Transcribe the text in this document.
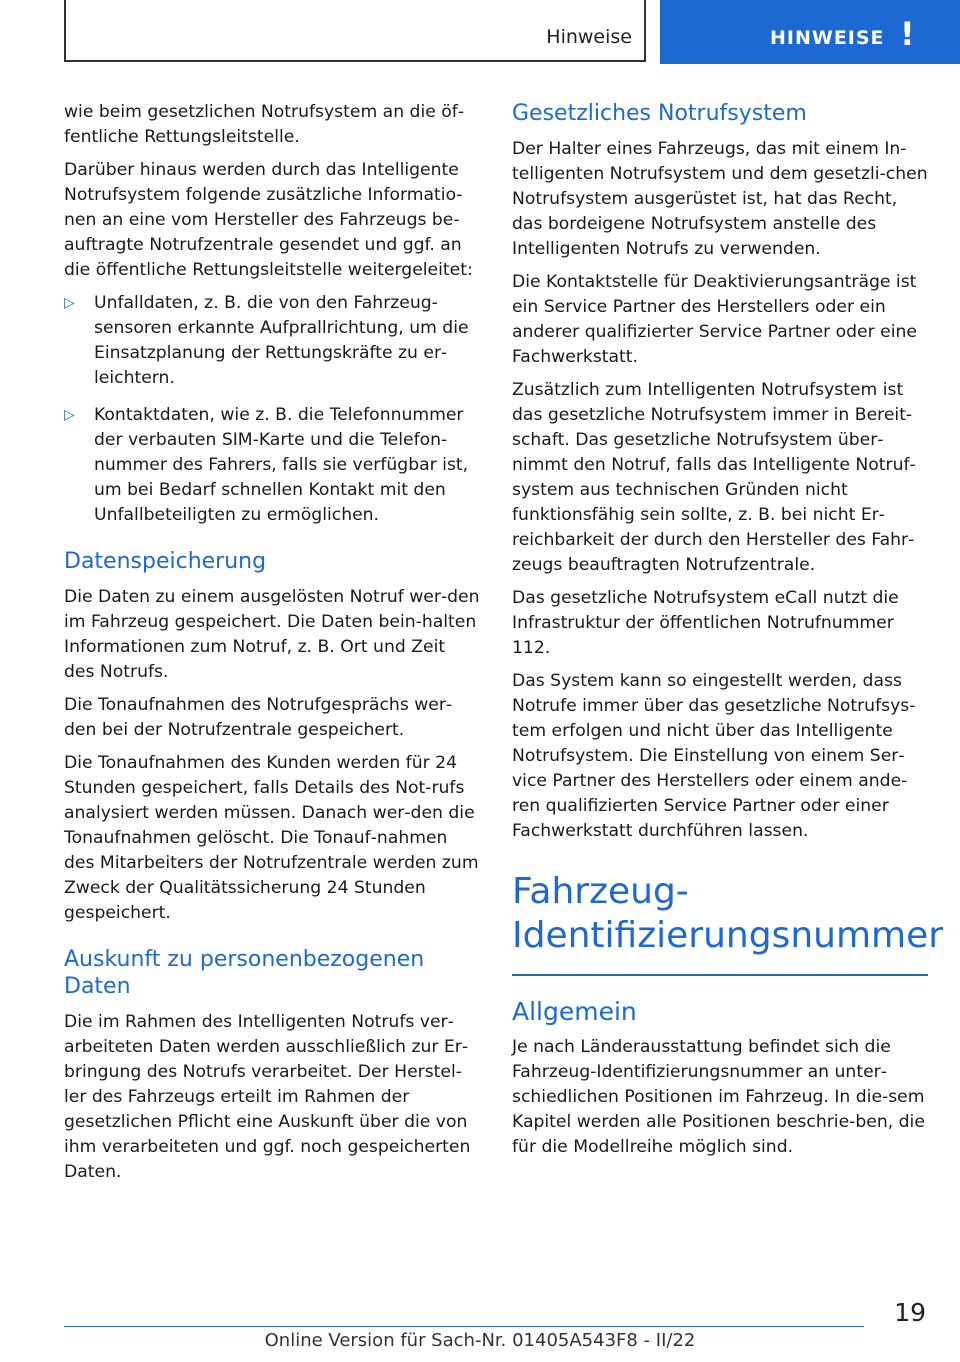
Hinweise	HINWEISE !

wie beim gesetzlichen Notrufsystem an die öf‐fentliche Rettungsleitstelle.

Darüber hinaus werden durch das Intelligente Notrufsystem folgende zusätzliche Informatio‐nen an eine vom Hersteller des Fahrzeugs be‐auftragte Notrufzentrale gesendet und ggf. an die öffentliche Rettungsleitstelle weitergeleitet:

▷ Unfalldaten, z. B. die von den Fahrzeug‐sensoren erkannte Aufprallrichtung, um die Einsatzplanung der Rettungskräfte zu er‐leichtern.
▷ Kontaktdaten, wie z. B. die Telefonnummer der verbauten SIM-Karte und die Telefon‐nummer des Fahrers, falls sie verfügbar ist, um bei Bedarf schnellen Kontakt mit den Unfallbeteiligten zu ermöglichen.
Datenspeicherung

Die Daten zu einem ausgelösten Notruf wer‐den im Fahrzeug gespeichert. Die Daten bein‐halten Informationen zum Notruf, z. B. Ort und Zeit des Notrufs.

Die Tonaufnahmen des Notrufgesprächs wer‐den bei der Notrufzentrale gespeichert.

Die Tonaufnahmen des Kunden werden für 24 Stunden gespeichert, falls Details des Not‐rufs analysiert werden müssen. Danach wer‐den die Tonaufnahmen gelöscht. Die Tonauf‐nahmen des Mitarbeiters der Notrufzentrale werden zum Zweck der Qualitätssicherung 24 Stunden gespeichert.

Auskunft zu personenbezogenen Daten

Die im Rahmen des Intelligenten Notrufs ver‐arbeiteten Daten werden ausschließlich zur Er‐bringung des Notrufs verarbeitet. Der Herstel‐ler des Fahrzeugs erteilt im Rahmen der gesetzlichen Pflicht eine Auskunft über die von ihm verarbeiteten und ggf. noch gespeicherten Daten.

Gesetzliches Notrufsystem

Der Halter eines Fahrzeugs, das mit einem In‐telligenten Notrufsystem und dem gesetzli‐chen Notrufsystem ausgerüstet ist, hat das Recht, das bordeigene Notrufsystem anstelle des Intelligenten Notrufs zu verwenden.

Die Kontaktstelle für Deaktivierungsanträge ist ein Service Partner des Herstellers oder ein anderer qualifizierter Service Partner oder eine Fachwerkstatt.

Zusätzlich zum Intelligenten Notrufsystem ist das gesetzliche Notrufsystem immer in Bereit‐schaft. Das gesetzliche Notrufsystem über‐nimmt den Notruf, falls das Intelligente Notruf‐system aus technischen Gründen nicht funktionsfähig sein sollte, z. B. bei nicht Er‐reichbarkeit der durch den Hersteller des Fahr‐zeugs beauftragten Notrufzentrale.

Das gesetzliche Notrufsystem eCall nutzt die Infrastruktur der öffentlichen Notrufnummer 112.

Das System kann so eingestellt werden, dass Notrufe immer über das gesetzliche Notrufsys‐tem erfolgen und nicht über das Intelligente Notrufsystem. Die Einstellung von einem Ser‐vice Partner des Herstellers oder einem ande‐ren qualifizierten Service Partner oder einer Fachwerkstatt durchführen lassen.

Fahrzeug-Identifizierungsnummer
Allgemein

Je nach Länderausstattung befindet sich die Fahrzeug-Identifizierungsnummer an unter‐schiedlichen Positionen im Fahrzeug. In die‐sem Kapitel werden alle Positionen beschrie‐ben, die für die Modellreihe möglich sind.

19
Online Version für Sach-Nr. 01405A543F8 - II/22
